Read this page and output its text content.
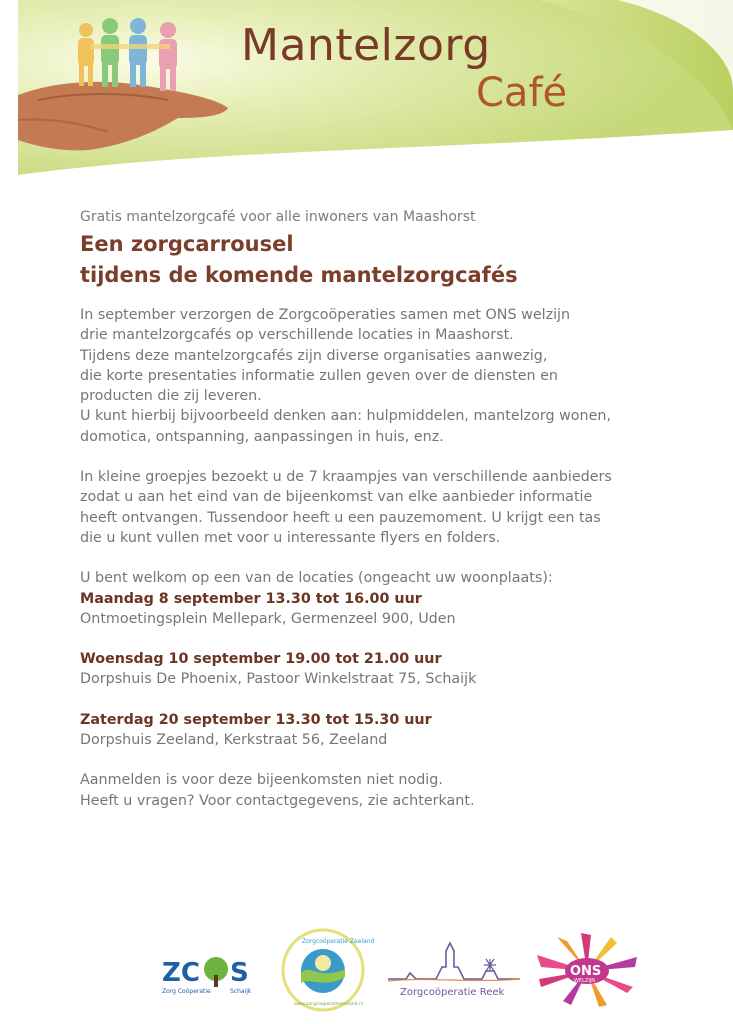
Mantelzorg
Café

Gratis mantelzorgcafé voor alle inwoners van Maashorst

Een zorgcarrousel
tijdens de komende mantelzorgcafés

In september verzorgen de Zorgcoöperaties samen met ONS welzijn

drie mantelzorgcafés op verschillende locaties in Maashorst.

Tijdens deze mantelzorgcafés zijn diverse organisaties aanwezig,

die korte presentaties informatie zullen geven over de diensten en

producten die zij leveren.

U kunt hierbij bijvoorbeeld denken aan: hulpmiddelen, mantelzorg wonen,

domotica, ontspanning, aanpassingen in huis, enz.

In kleine groepjes bezoekt u de 7 kraampjes van verschillende aanbieders

zodat u aan het eind van de bijeenkomst van elke aanbieder informatie

heeft ontvangen. Tussendoor heeft u een pauzemoment. U krijgt een tas

die u kunt vullen met voor u interessante flyers en folders.

U bent welkom op een van de locaties (ongeacht uw woonplaats):

Maandag 8 september 13.30 tot 16.00 uur

Ontmoetingsplein Mellepark, Germenzeel 900, Uden

Woensdag 10 september 19.00 tot 21.00 uur

Dorpshuis De Phoenix, Pastoor Winkelstraat 75, Schaijk

Zaterdag 20 september 13.30 tot 15.30 uur

Dorpshuis Zeeland, Kerkstraat 56, Zeeland

Aanmelden is voor deze bijeenkomsten niet nodig.

Heeft u vragen? Voor contactgegevens, zie achterkant.

ZC S
Zorg Coöperatie	Schaijk
Zorgcoöperatie Zeeland
www.zorgcooperatiezeeland.nl
Zorgcoöperatie Reek
ONS
WELZIJN
